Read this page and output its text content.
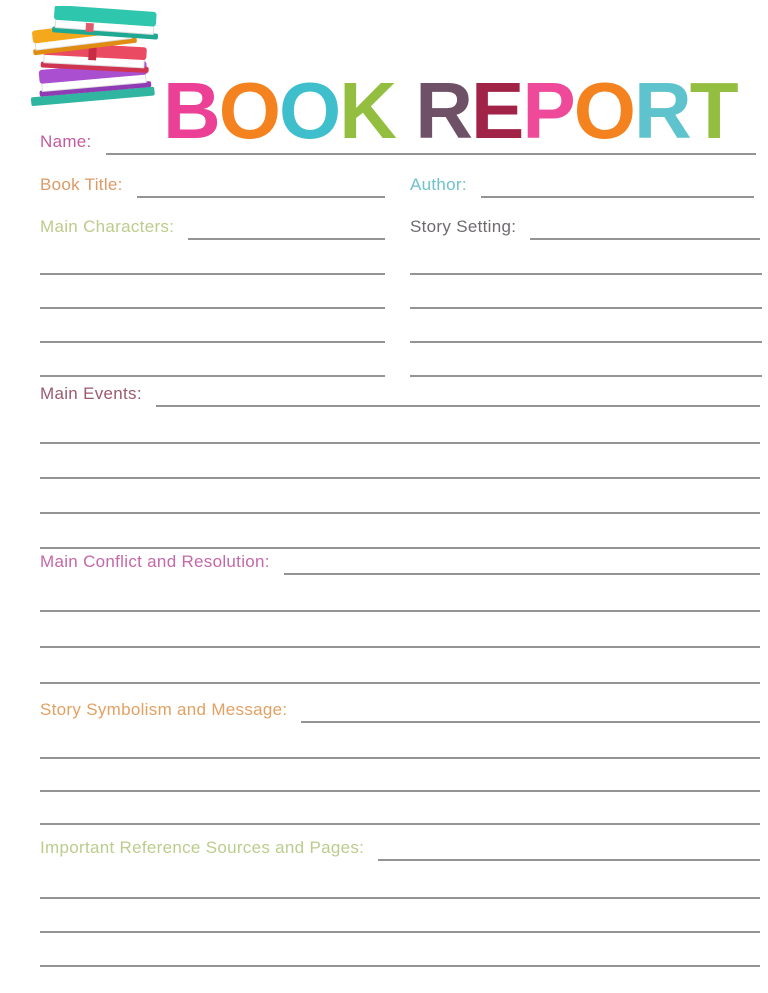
BOOK REPORT
Name:
Book Title:	Author:
Main Characters:	Story Setting:
Main Events:
Main Conflict and Resolution:
Story Symbolism and Message:
Important Reference Sources and Pages:
